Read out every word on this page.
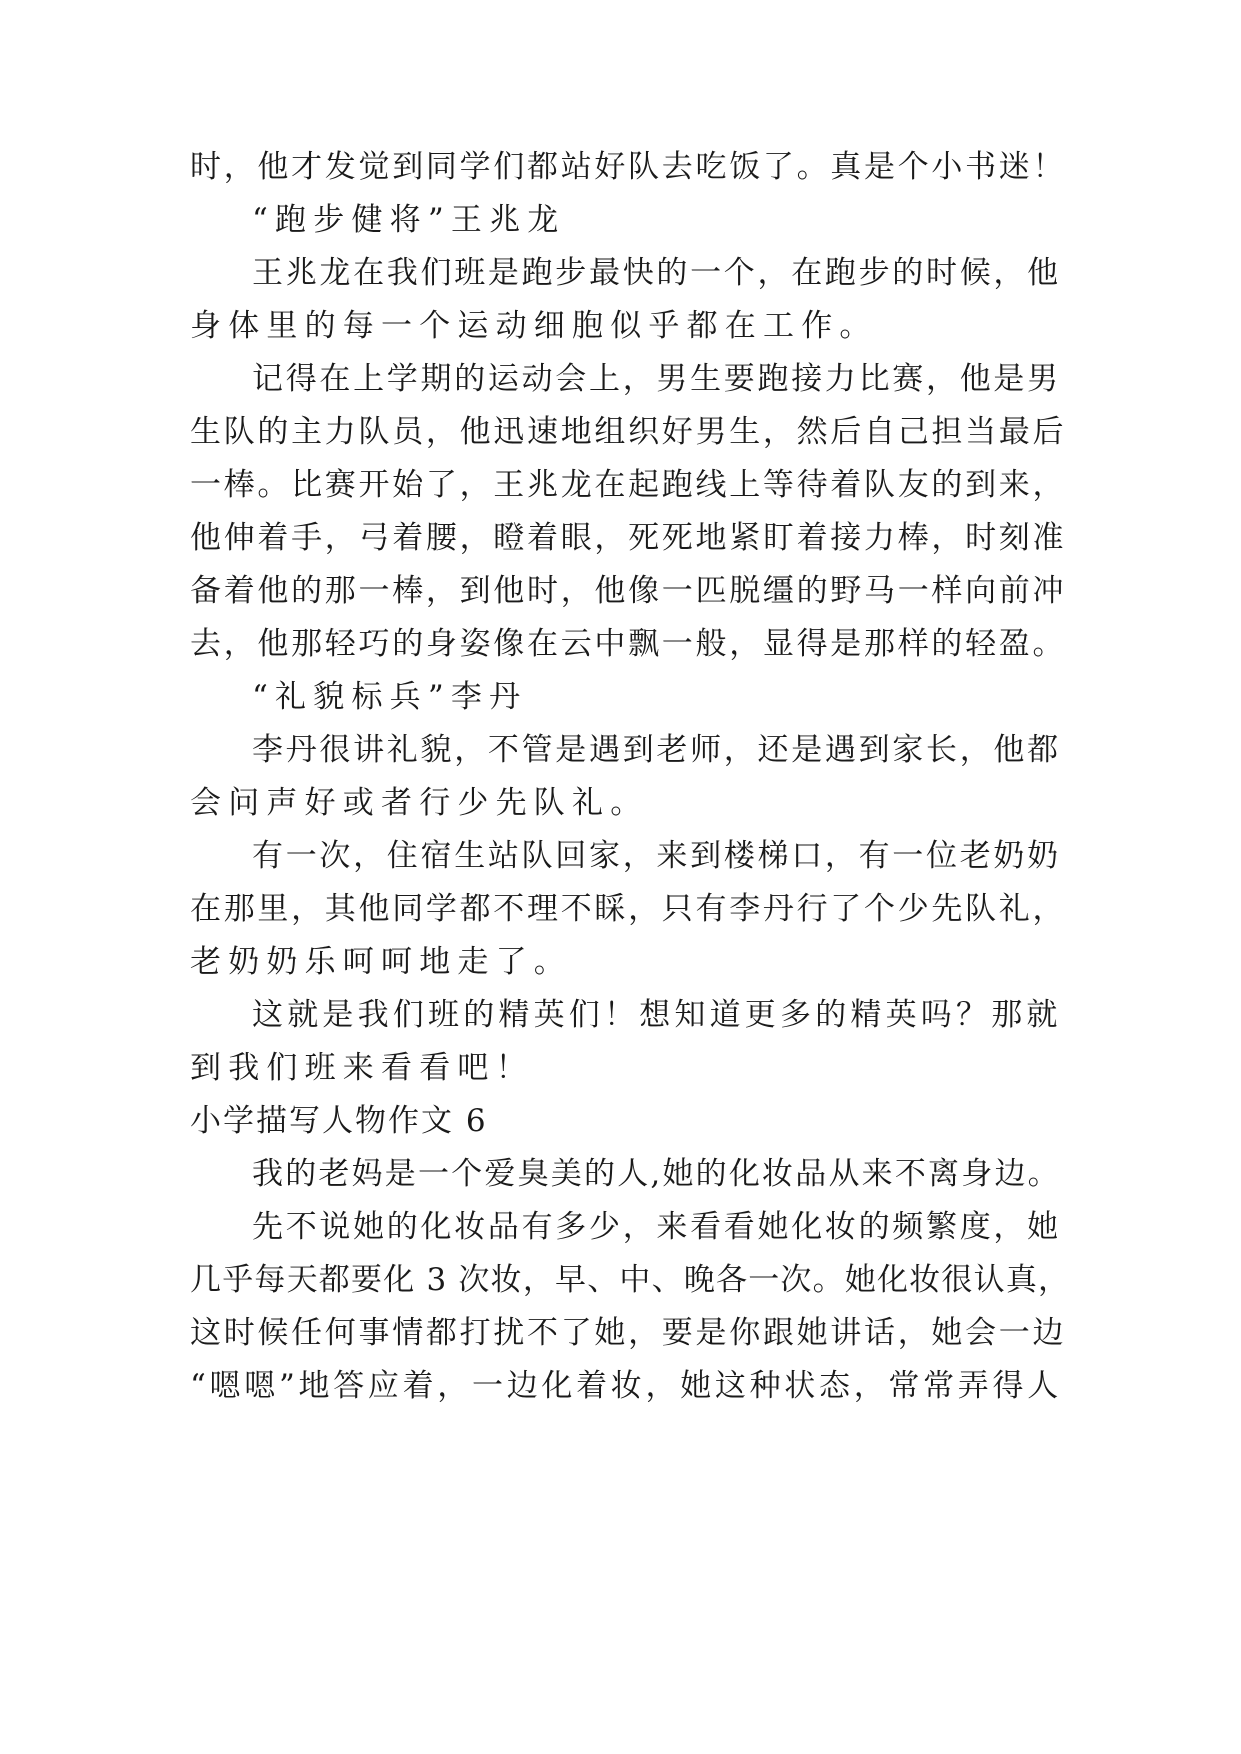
时，他才发觉到同学们都站好队去吃饭了。真是个小书迷！
“跑步健将”王兆龙
王兆龙在我们班是跑步最快的一个，在跑步的时候，他
身体里的每一个运动细胞似乎都在工作。
记得在上学期的运动会上，男生要跑接力比赛，他是男
生队的主力队员，他迅速地组织好男生，然后自己担当最后
一棒。比赛开始了，王兆龙在起跑线上等待着队友的到来，
他伸着手，弓着腰，瞪着眼，死死地紧盯着接力棒，时刻准
备着他的那一棒，到他时，他像一匹脱缰的野马一样向前冲
去，他那轻巧的身姿像在云中飘一般，显得是那样的轻盈。
“礼貌标兵”李丹
李丹很讲礼貌，不管是遇到老师，还是遇到家长，他都
会问声好或者行少先队礼。
有一次，住宿生站队回家，来到楼梯口，有一位老奶奶
在那里，其他同学都不理不睬，只有李丹行了个少先队礼，
老奶奶乐呵呵地走了。
这就是我们班的精英们！想知道更多的精英吗？那就
到我们班来看看吧！
小学描写人物作文 6
我的老妈是一个爱臭美的人,她的化妆品从来不离身边。
先不说她的化妆品有多少，来看看她化妆的频繁度，她
几乎每天都要化 3 次妆，早、中、晚各一次。她化妆很认真，
这时候任何事情都打扰不了她，要是你跟她讲话，她会一边
“嗯嗯”地答应着，一边化着妆，她这种状态，常常弄得人
